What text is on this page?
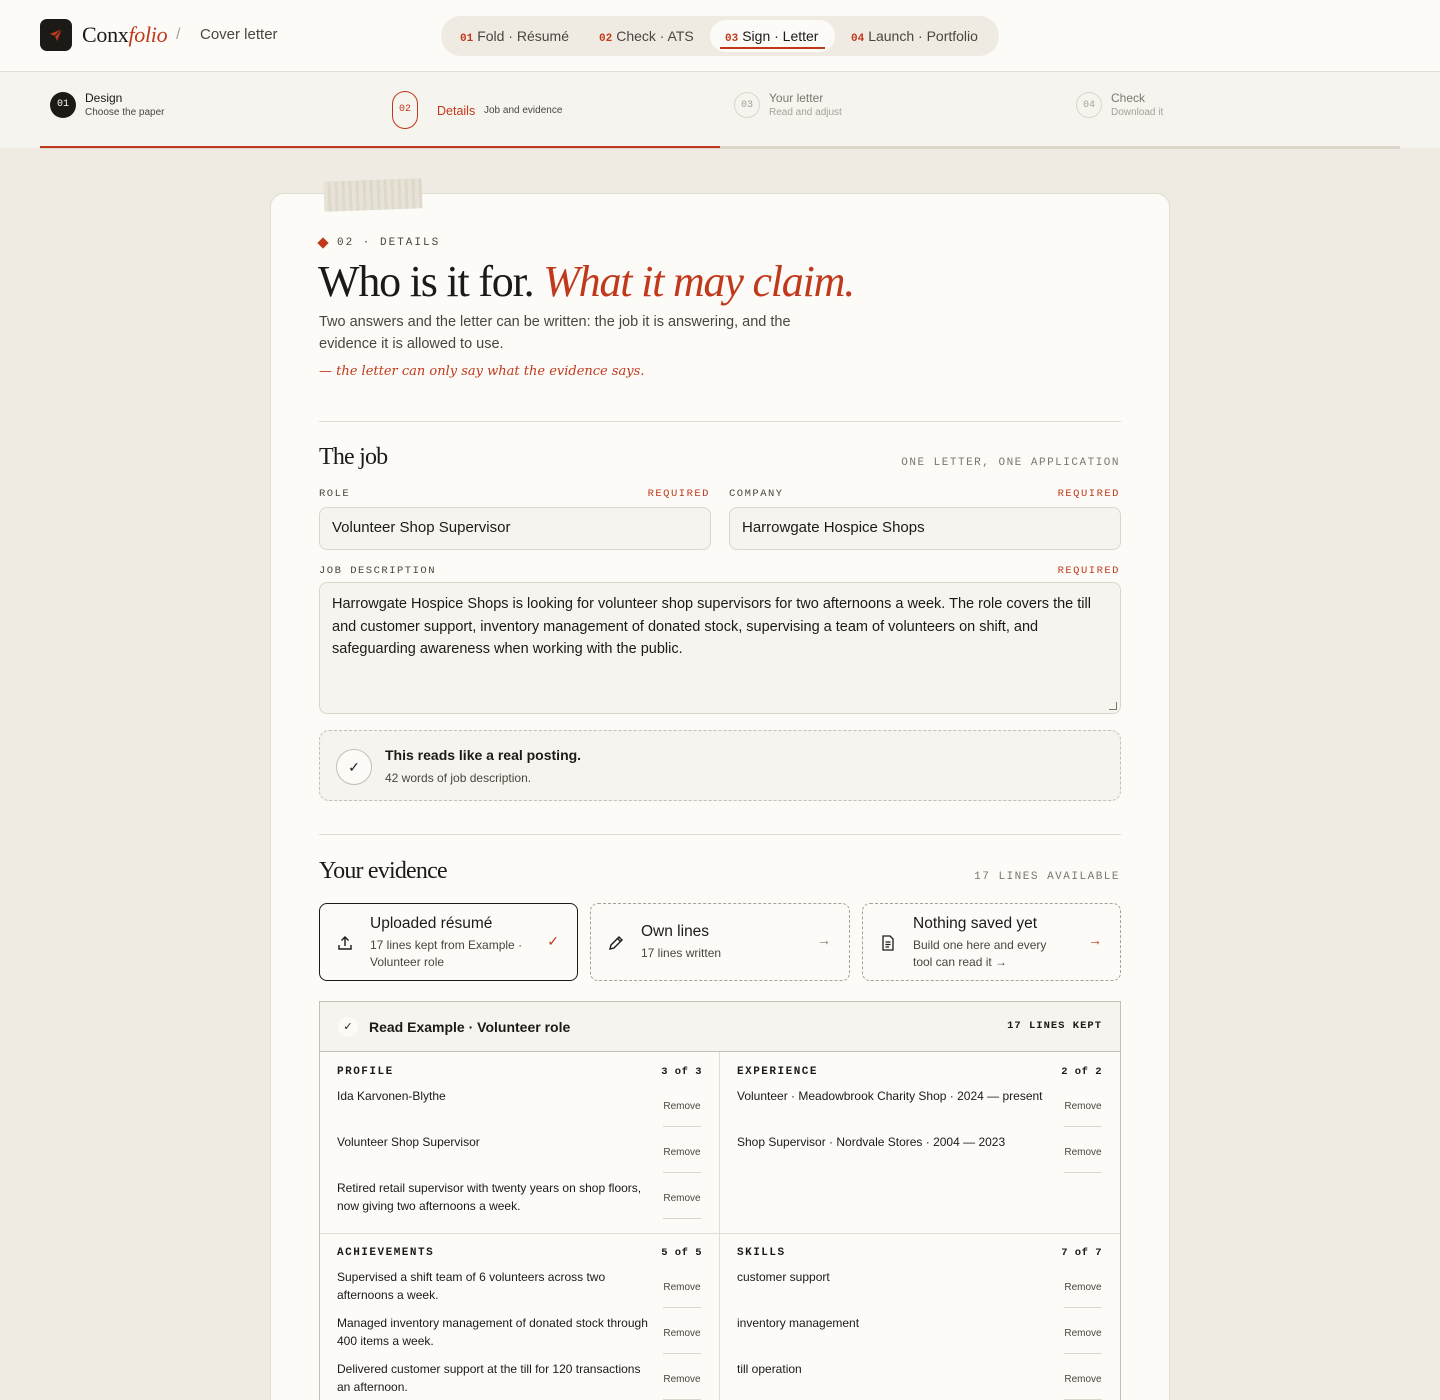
Conxfolio / Cover letter	01 Fold · Résumé	02 Check · ATS	03 Sign · Letter	04 Launch · Portfolio
01	Design
Choose the paper	02	Details Job and evidence	03
Your letter
Read and adjust
04
Check
Download it
02 · DETAILS
Who is it for. What it may claim.
Two answers and the letter can be written: the job it is answering, and the evidence it is allowed to use.
— the letter can only say what the evidence says.
The job	ONE LETTER, ONE APPLICATION
ROLE	REQUIRED
Volunteer Shop Supervisor
COMPANY	REQUIRED
Harrowgate Hospice Shops
JOB DESCRIPTION	REQUIRED
Harrowgate Hospice Shops is looking for volunteer shop supervisors for two afternoons a week. The role covers the till and customer support, inventory management of donated stock, supervising a team of volunteers on shift, and safeguarding awareness when working with the public.
✓
This reads like a real posting.
42 words of job description.
Your evidence	17 LINES AVAILABLE
Uploaded résumé
17 lines kept from Example · Volunteer role
✓
Own lines
17 lines written
→
Nothing saved yet
Build one here and every tool can read it →
→
✓	Read Example · Volunteer role	17 LINES KEPT
PROFILE	3 of 3
Ida Karvonen-Blythe
Remove
Volunteer Shop Supervisor
Remove
Retired retail supervisor with twenty years on shop floors, now giving two afternoons a week.
Remove
EXPERIENCE	2 of 2
Volunteer · Meadowbrook Charity Shop · 2024 — present
Remove
Shop Supervisor · Nordvale Stores · 2004 — 2023
Remove
ACHIEVEMENTS	5 of 5
Supervised a shift team of 6 volunteers across two afternoons a week.
Remove
Managed inventory management of donated stock through 400 items a week.
Remove
Delivered customer support at the till for 120 transactions an afternoon.
Remove
SKILLS	7 of 7
customer support
Remove
inventory management
Remove
till operation
Remove
